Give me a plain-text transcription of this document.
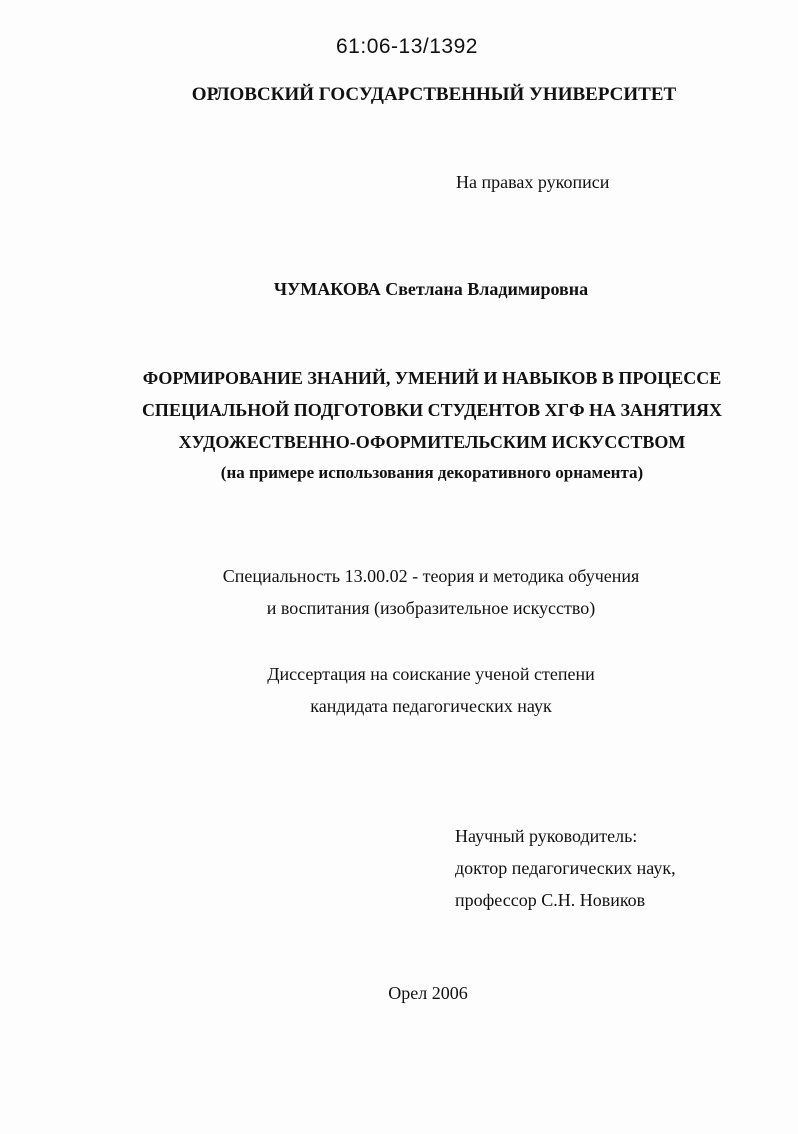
61:06-13/1392
ОРЛОВСКИЙ ГОСУДАРСТВЕННЫЙ УНИВЕРСИТЕТ
На правах рукописи
ЧУМАКОВА Светлана Владимировна
ФОРМИРОВАНИЕ ЗНАНИЙ, УМЕНИЙ И НАВЫКОВ В ПРОЦЕССЕ
СПЕЦИАЛЬНОЙ ПОДГОТОВКИ СТУДЕНТОВ ХГФ НА ЗАНЯТИЯХ
ХУДОЖЕСТВЕННО-ОФОРМИТЕЛЬСКИМ ИСКУССТВОМ
(на примере использования декоративного орнамента)
Специальность 13.00.02 - теория и методика обучения
и воспитания (изобразительное искусство)
Диссертация на соискание ученой степени
кандидата педагогических наук
Научный руководитель:
доктор педагогических наук,
профессор С.Н. Новиков
Орел 2006
